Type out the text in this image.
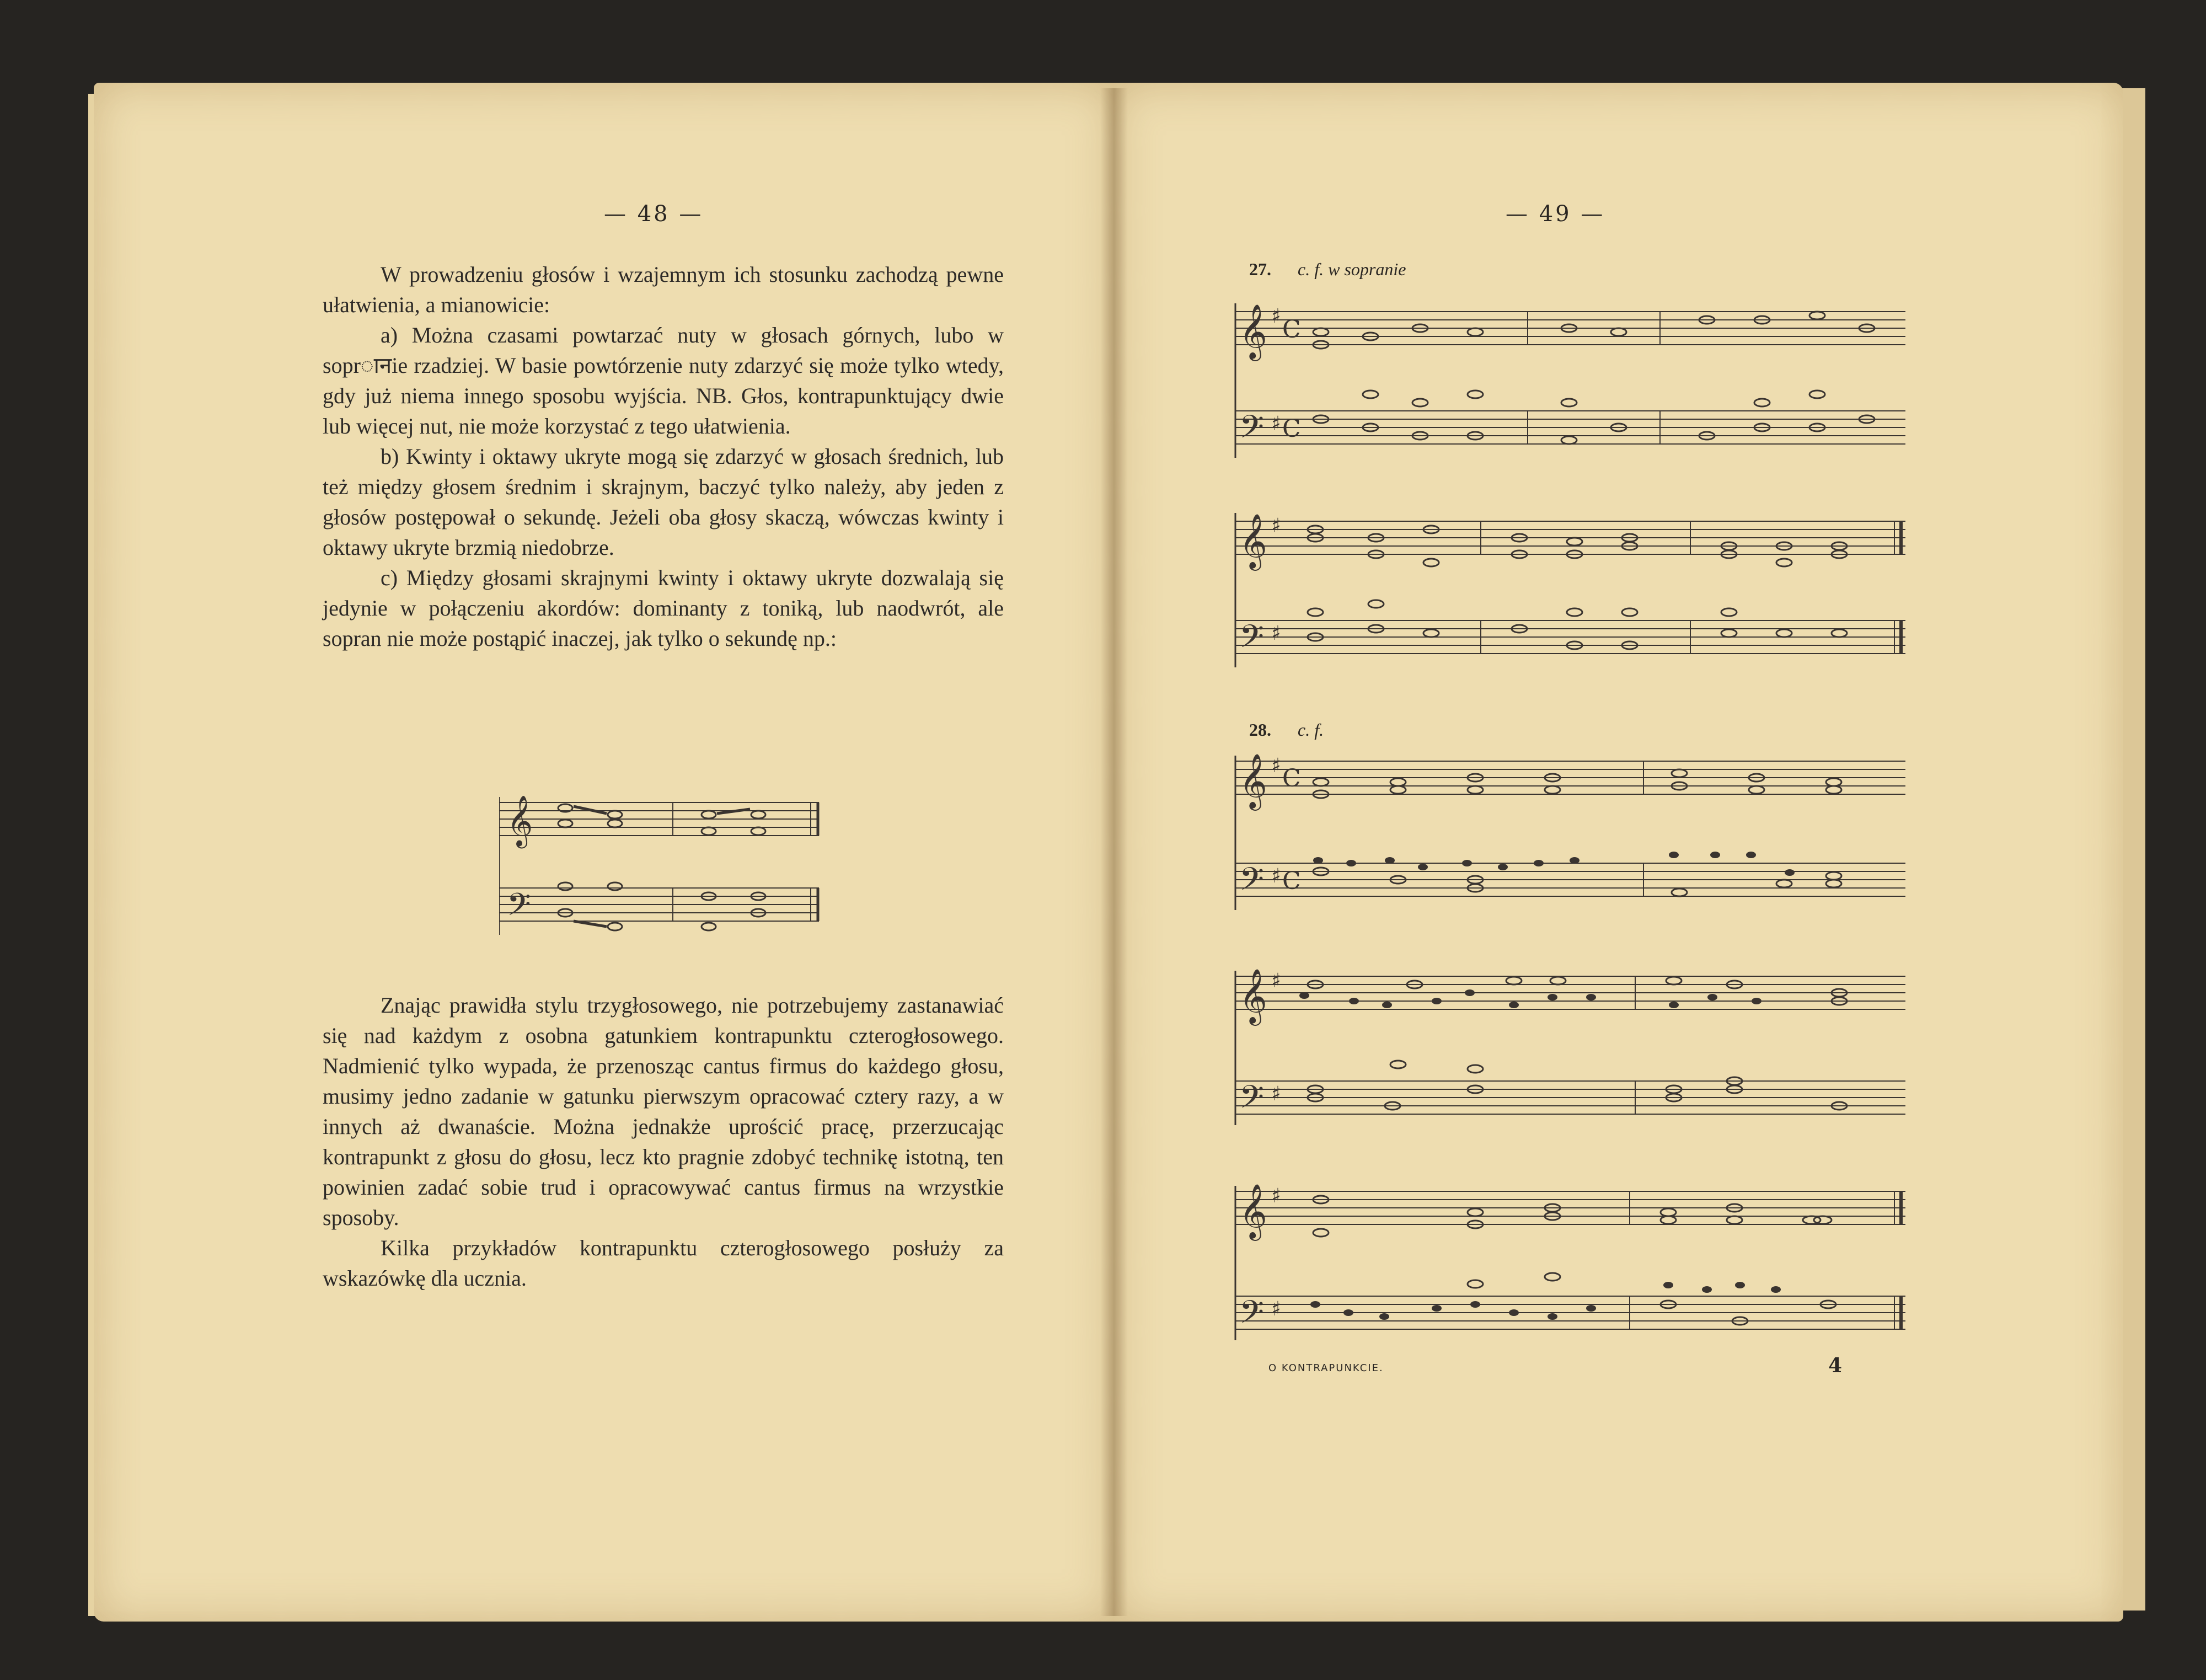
— 48 —

W prowadzeniu głosów i wzajemnym ich stosunku zachodzą pewne ułatwienia, a mianowicie:

a) Można czasami powtarzać nuty w głosach górnych, lubo w soprानie rzadziej. W basie powtórzenie nuty zdarzyć się może tylko wtedy, gdy już niema innego sposobu wyjścia. NB. Głos, kontrapunktujący dwie lub więcej nut, nie może korzystać z tego ułatwienia.

b) Kwinty i oktawy ukryte mogą się zdarzyć w głosach średnich, lub też między głosem średnim i skrajnym, baczyć tylko należy, aby jeden z głosów postępował o sekundę. Jeżeli oba głosy skaczą, wówczas kwinty i oktawy ukryte brzmią niedobrze.

c) Między głosami skrajnymi kwinty i oktawy ukryte dozwalają się jedynie w połączeniu akordów: dominanty z toniką, lub naodwrót, ale sopran nie może postąpić inaczej, jak tylko o sekundę np.:

𝄞
𝄢

Znając prawidła stylu trzygłosowego, nie potrzebujemy zastanawiać się nad każdym z osobna gatunkiem kontrapunktu czterogłosowego. Nadmienić tylko wypada, że przenosząc cantus firmus do każdego głosu, musimy jedno zadanie w gatunku pierwszym opracować cztery razy, a w innych aż dwanaście. Można jednakże uprościć pracę, przerzucając kontrapunkt z głosu do głosu, lecz kto pragnie zdobyć technikę istotną, ten powinien zadać sobie trud i opracowywać cantus firmus na wrzystkie sposoby.

Kilka przykładów kontrapunktu czterogłosowego posłuży za wskazówkę dla ucznia.

— 49 —
27. c. f. w sopranie
𝄞 ♯ C
𝄢 ♯ C
𝄞 ♯
𝄢 ♯
28. c. f.
𝄞 ♯ C
𝄢 ♯ C
𝄞 ♯
𝄢 ♯
𝄞 ♯
𝄢 ♯
O KONTRAPUNKCIE.	4
